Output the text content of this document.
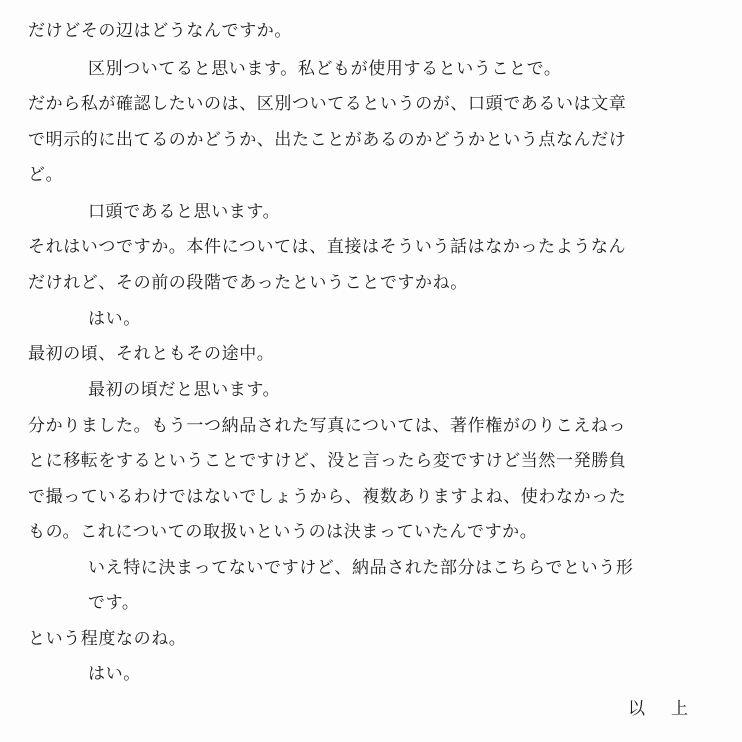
だけどその辺はどうなんですか。
区別ついてると思います。私どもが使用するということで。
だから私が確認したいのは、区別ついてるというのが、口頭であるいは文章
で明示的に出てるのかどうか、出たことがあるのかどうかという点なんだけ
ど。
口頭であると思います。
それはいつですか。本件については、直接はそういう話はなかったようなん
だけれど、その前の段階であったということですかね。
はい。
最初の頃、それともその途中。
最初の頃だと思います。
分かりました。もう一つ納品された写真については、著作権がのりこえねっ
とに移転をするということですけど、没と言ったら変ですけど当然一発勝負
で撮っているわけではないでしょうから、複数ありますよね、使わなかった
もの。これについての取扱いというのは決まっていたんですか。
いえ特に決まってないですけど、納品された部分はこちらでという形
です。
という程度なのね。
はい。
以上
